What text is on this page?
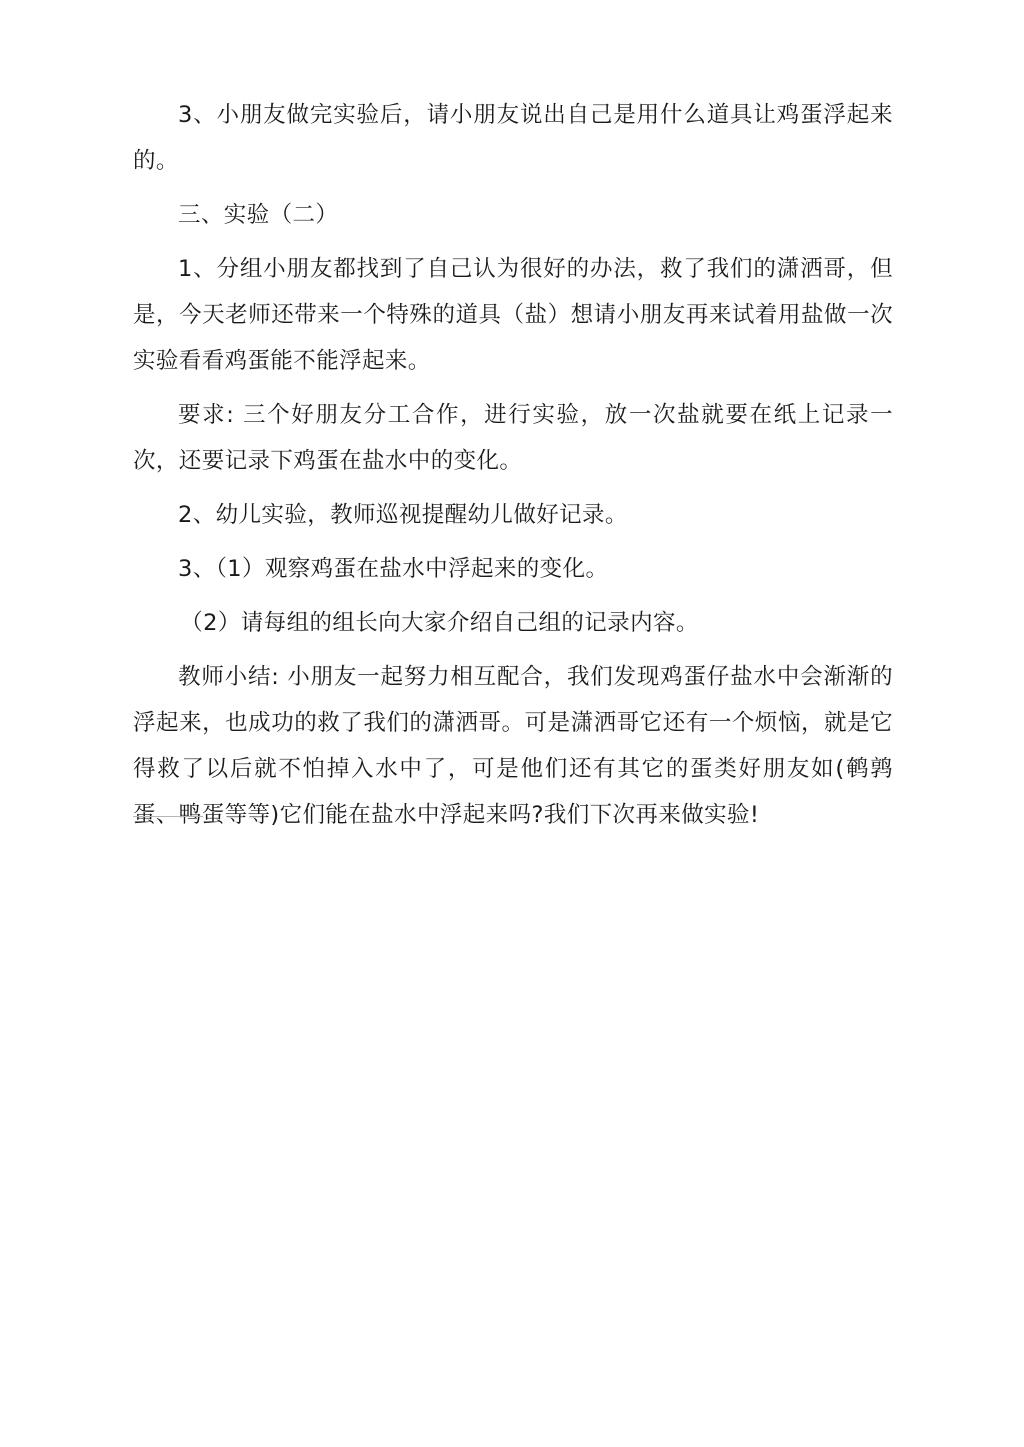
3、小朋友做完实验后，请小朋友说出自己是用什么道具让鸡蛋浮起来的。

三、实验（二）

1、分组小朋友都找到了自己认为很好的办法，救了我们的潇洒哥，但是，今天老师还带来一个特殊的道具（盐）想请小朋友再来试着用盐做一次实验看看鸡蛋能不能浮起来。

要求: 三个好朋友分工合作，进行实验，放一次盐就要在纸上记录一次，还要记录下鸡蛋在盐水中的变化。

2、幼儿实验，教师巡视提醒幼儿做好记录。

3、（1）观察鸡蛋在盐水中浮起来的变化。

（2）请每组的组长向大家介绍自己组的记录内容。

教师小结: 小朋友一起努力相互配合，我们发现鸡蛋仔盐水中会渐渐的浮起来，也成功的救了我们的潇洒哥。可是潇洒哥它还有一个烦恼，就是它得救了以后就不怕掉入水中了，可是他们还有其它的蛋类好朋友如(鹌鹑蛋、鸭蛋等等)它们能在盐水中浮起来吗?我们下次再来做实验!
